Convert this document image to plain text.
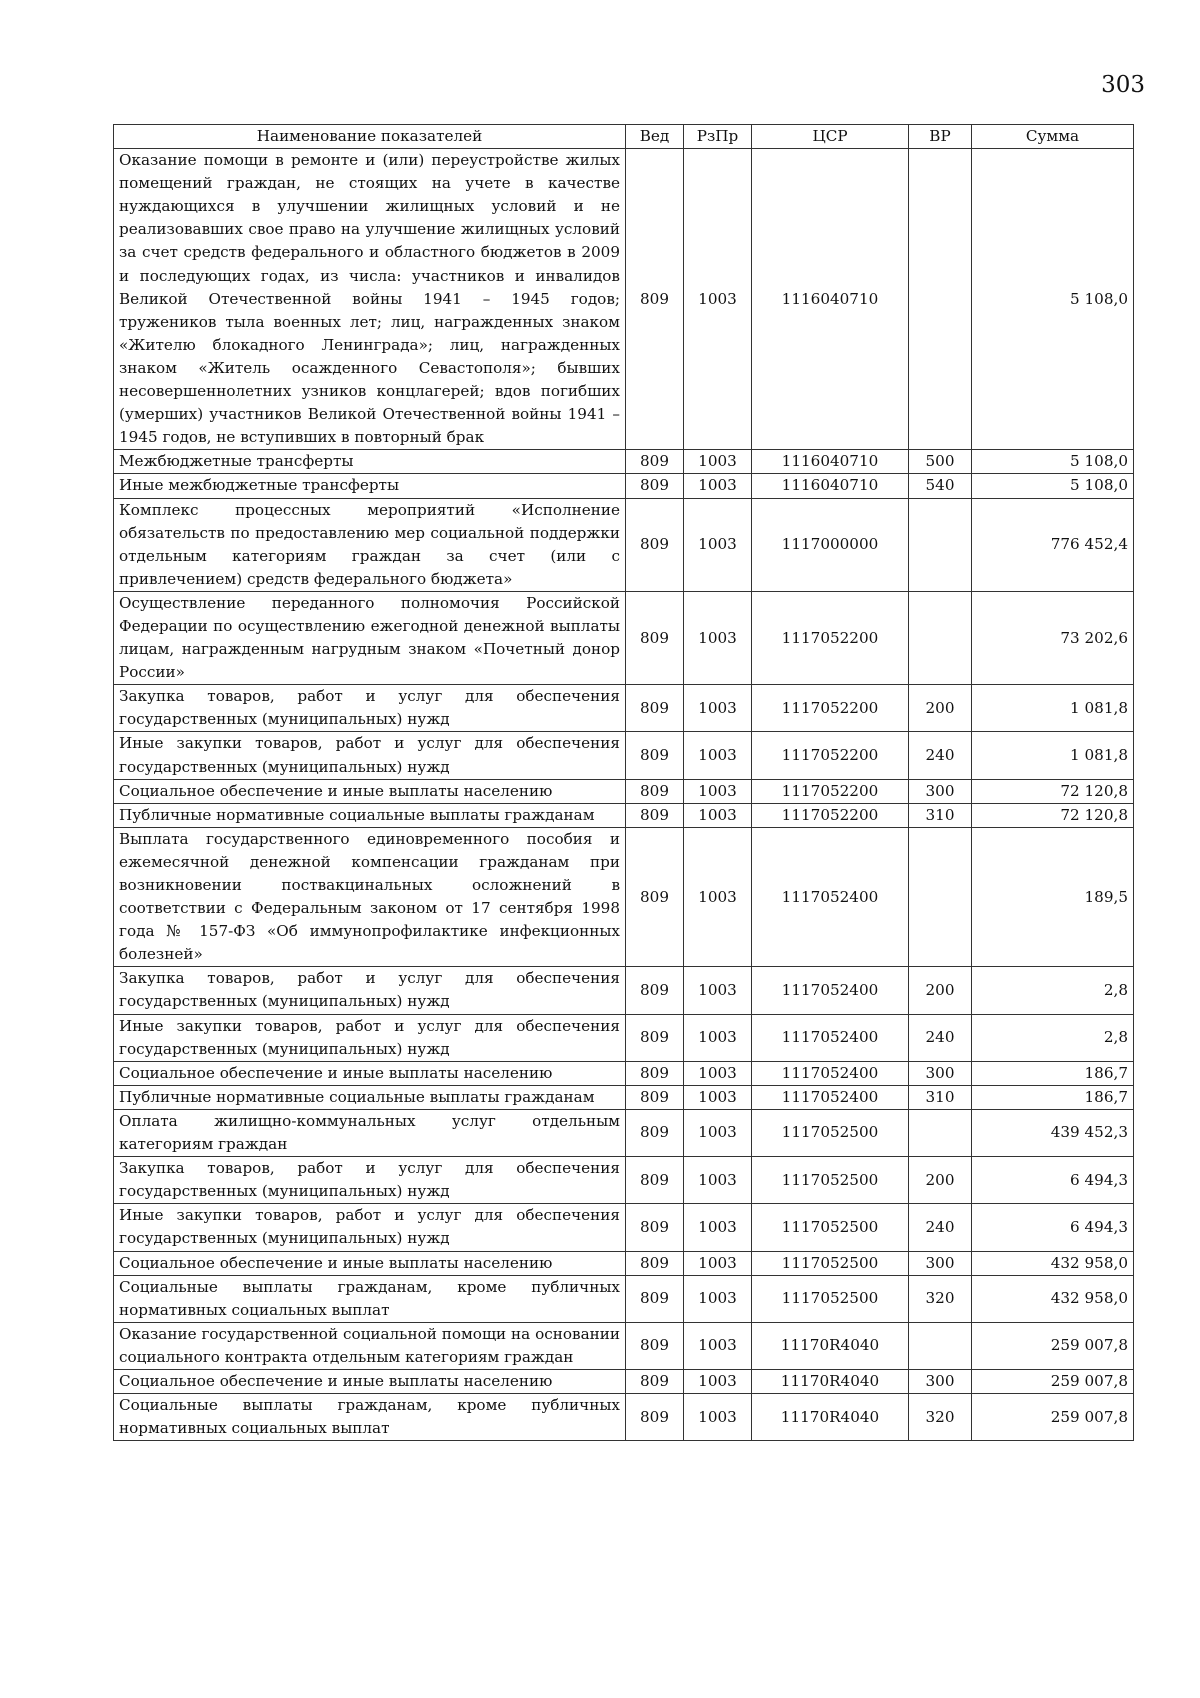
303
Наименование показателей	Вед	РзПр	ЦСР	ВР	Сумма
Оказание помощи в ремонте и (или) переустройстве жилых помещений граждан, не стоящих на учете в качестве нуждающихся в улучшении жилищных условий и не реализовавших свое право на улучшение жилищных условий за счет средств федерального и областного бюджетов в 2009 и последующих годах, из числа: участников и инвалидов Великой Отечественной войны 1941 – 1945 годов; тружеников тыла военных лет; лиц, награжденных знаком «Жителю блокадного Ленинграда»; лиц, награжденных знаком «Житель осажденного Севастополя»; бывших несовершеннолетних узников концлагерей; вдов погибших (умерших) участников Великой Отечественной войны 1941 – 1945 годов, не вступивших в повторный брак	809	1003	1116040710		5 108,0
Межбюджетные трансферты	809	1003	1116040710	500	5 108,0
Иные межбюджетные трансферты	809	1003	1116040710	540	5 108,0
Комплекс процессных мероприятий «Исполнение обязательств по предоставлению мер социальной поддержки отдельным категориям граждан за счет (или с привлечением) средств федерального бюджета»	809	1003	1117000000		776 452,4
Осуществление переданного полномочия Российской Федерации по осуществлению ежегодной денежной выплаты лицам, награжденным нагрудным знаком «Почетный донор России»	809	1003	1117052200		73 202,6
Закупка товаров, работ и услуг для обеспечения государственных (муниципальных) нужд	809	1003	1117052200	200	1 081,8
Иные закупки товаров, работ и услуг для обеспечения государственных (муниципальных) нужд	809	1003	1117052200	240	1 081,8
Социальное обеспечение и иные выплаты населению	809	1003	1117052200	300	72 120,8
Публичные нормативные социальные выплаты гражданам	809	1003	1117052200	310	72 120,8
Выплата государственного единовременного пособия и ежемесячной денежной компенсации гражданам при возникновении поствакцинальных осложнений в соответствии с Федеральным законом от 17 сентября 1998 года № 157-ФЗ «Об иммунопрофилактике инфекционных болезней»	809	1003	1117052400		189,5
Закупка товаров, работ и услуг для обеспечения государственных (муниципальных) нужд	809	1003	1117052400	200	2,8
Иные закупки товаров, работ и услуг для обеспечения государственных (муниципальных) нужд	809	1003	1117052400	240	2,8
Социальное обеспечение и иные выплаты населению	809	1003	1117052400	300	186,7
Публичные нормативные социальные выплаты гражданам	809	1003	1117052400	310	186,7
Оплата жилищно-коммунальных услуг отдельным категориям граждан	809	1003	1117052500		439 452,3
Закупка товаров, работ и услуг для обеспечения государственных (муниципальных) нужд	809	1003	1117052500	200	6 494,3
Иные закупки товаров, работ и услуг для обеспечения государственных (муниципальных) нужд	809	1003	1117052500	240	6 494,3
Социальное обеспечение и иные выплаты населению	809	1003	1117052500	300	432 958,0
Социальные выплаты гражданам, кроме публичных нормативных социальных выплат	809	1003	1117052500	320	432 958,0
Оказание государственной социальной помощи на основании социального контракта отдельным категориям граждан	809	1003	11170R4040		259 007,8
Социальное обеспечение и иные выплаты населению	809	1003	11170R4040	300	259 007,8
Социальные выплаты гражданам, кроме публичных нормативных социальных выплат	809	1003	11170R4040	320	259 007,8
